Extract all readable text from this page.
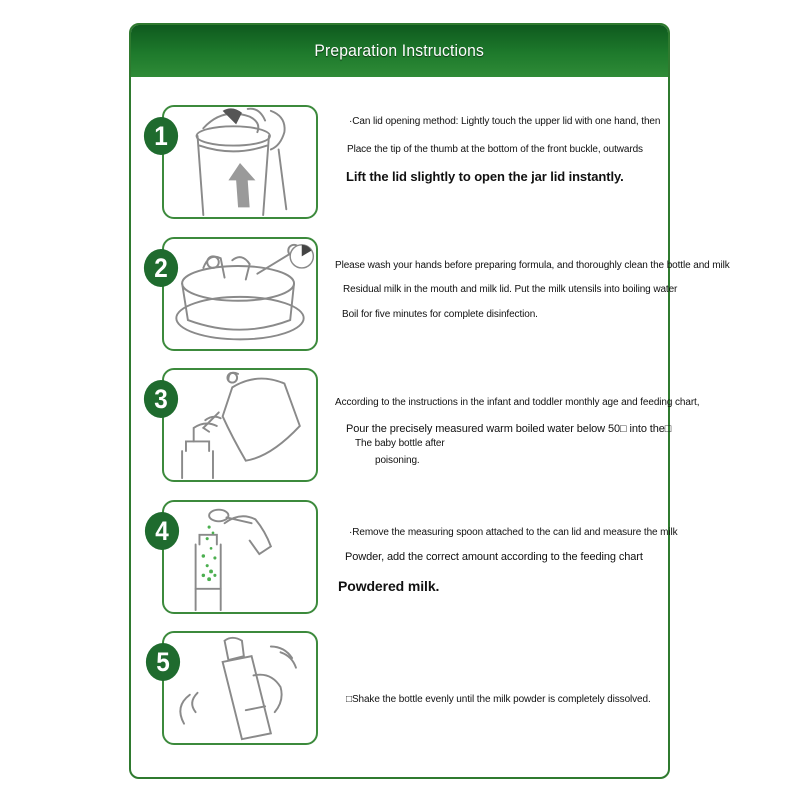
Preparation Instructions
1	·Can lid opening method: Lightly touch the upper lid with one hand, then
Place the tip of the thumb at the bottom of the front buckle, outwards
Lift the lid slightly to open the jar lid instantly.
2	Please wash your hands before preparing formula, and thoroughly clean the bottle and milk
Residual milk in the mouth and milk lid. Put the milk utensils into boiling water
Boil for five minutes for complete disinfection.
3	According to the instructions in the infant and toddler monthly age and feeding chart,
Pour the precisely measured warm boiled water below 50□ into the□
The baby bottle after
poisoning.
4	·Remove the measuring spoon attached to the can lid and measure the milk
Powder, add the correct amount according to the feeding chart
Powdered milk.
5
□Shake the bottle evenly until the milk powder is completely dissolved.
